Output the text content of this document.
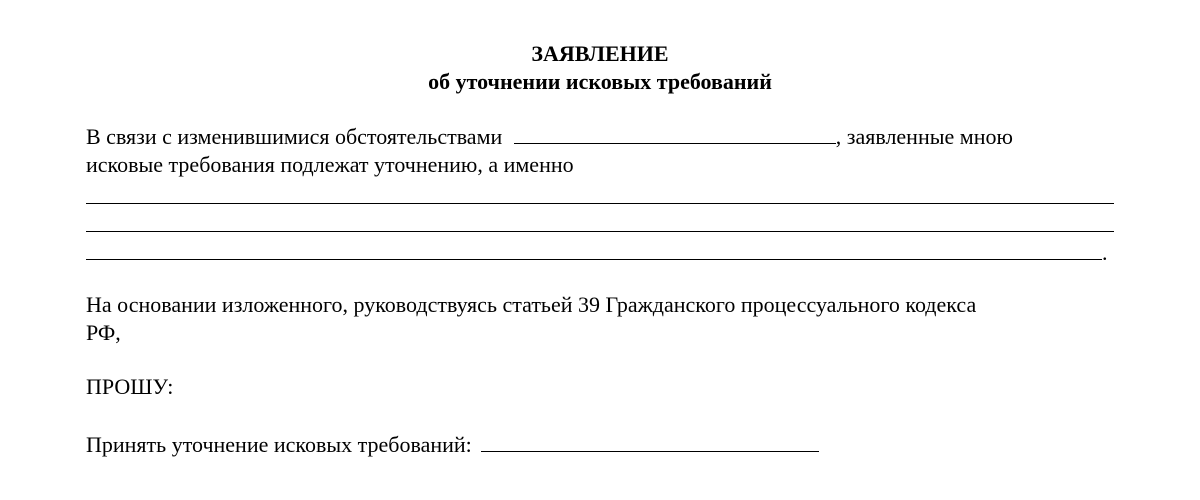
ЗАЯВЛЕНИЕ
об уточнении исковых требований
В связи с изменившимися обстоятельствами	, заявленные мною
исковые требования подлежат уточнению, а именно
.
На основании изложенного, руководствуясь статьей 39 Гражданского процессуального кодекса
РФ,
ПРОШУ:
Принять уточнение исковых требований:
